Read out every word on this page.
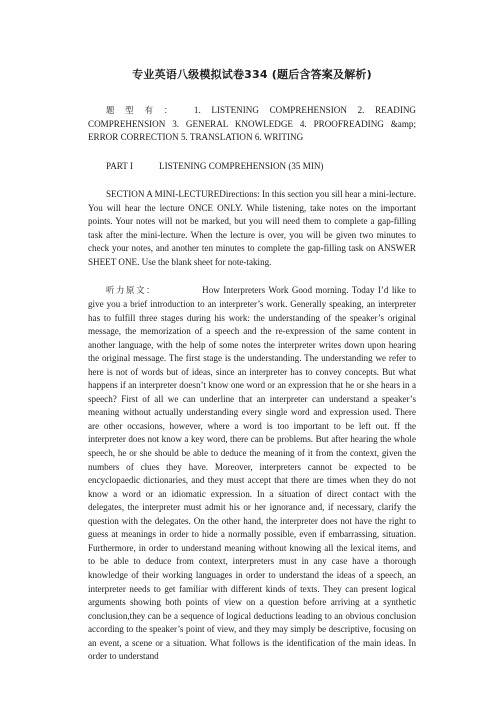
专业英语八级模拟试卷334 (题后含答案及解析)

题型有： 1. LISTENING COMPREHENSION 2. READING COMPREHENSION 3. GENERAL KNOWLEDGE 4. PROOFREADING &amp; ERROR CORRECTION 5. TRANSLATION 6. WRITING

PART I	LISTENING COMPREHENSION (35 MIN)

SECTION A MINI-LECTUREDirections: In this section you sill hear a mini-lecture. You will hear the lecture ONCE ONLY. While listening, take notes on the important points. Your notes will not be marked, but you will need them to complete a gap-filling task after the mini-lecture. When the lecture is over, you will be given two minutes to check your notes, and another ten minutes to complete the gap-filling task on ANSWER SHEET ONE. Use the blank sheet for note-taking.

听力原文：	How Interpreters Work Good morning. Today I’d like to give you a brief introduction to an interpreter’s work. Generally speaking, an interpreter has to fulfill three stages during his work: the understanding of the speaker’s original message, the memorization of a speech and the re-expression of the same content in another language, with the help of some notes the interpreter writes down upon hearing the original message. The first stage is the understanding. The understanding we refer to here is not of words but of ideas, since an interpreter has to convey concepts. But what happens if an interpreter doesn’t know one word or an expression that he or she hears in a speech? First of all we can underline that an interpreter can understand a speaker’s meaning without actually understanding every single word and expression used. There are other occasions, however, where a word is too important to be left out. ff the interpreter does not know a key word, there can be problems. But after hearing the whole speech, he or she should be able to deduce the meaning of it from the context, given the numbers of clues they have. Moreover, interpreters cannot be expected to be encyclopaedic dictionaries, and they must accept that there are times when they do not know a word or an idiomatic expression. In a situation of direct contact with the delegates, the interpreter must admit his or her ignorance and, if necessary, clarify the question with the delegates. On the other hand, the interpreter does not have the right to guess at meanings in order to hide a normally possible, even if embarrassing, situation. Furthermore, in order to understand meaning without knowing all the lexical items, and to be able to deduce from context, interpreters must in any case have a thorough knowledge of their working languages in order to understand the ideas of a speech, an interpreter needs to get familiar with different kinds of texts. They can present logical arguments showing both points of view on a question before arriving at a synthetic conclusion,they can be a sequence of logical deductions leading to an obvious conclusion according to the speaker’s point of view, and they may simply be descriptive, focusing on an event, a scene or a situation. What follows is the identification of the main ideas. In order to understand
